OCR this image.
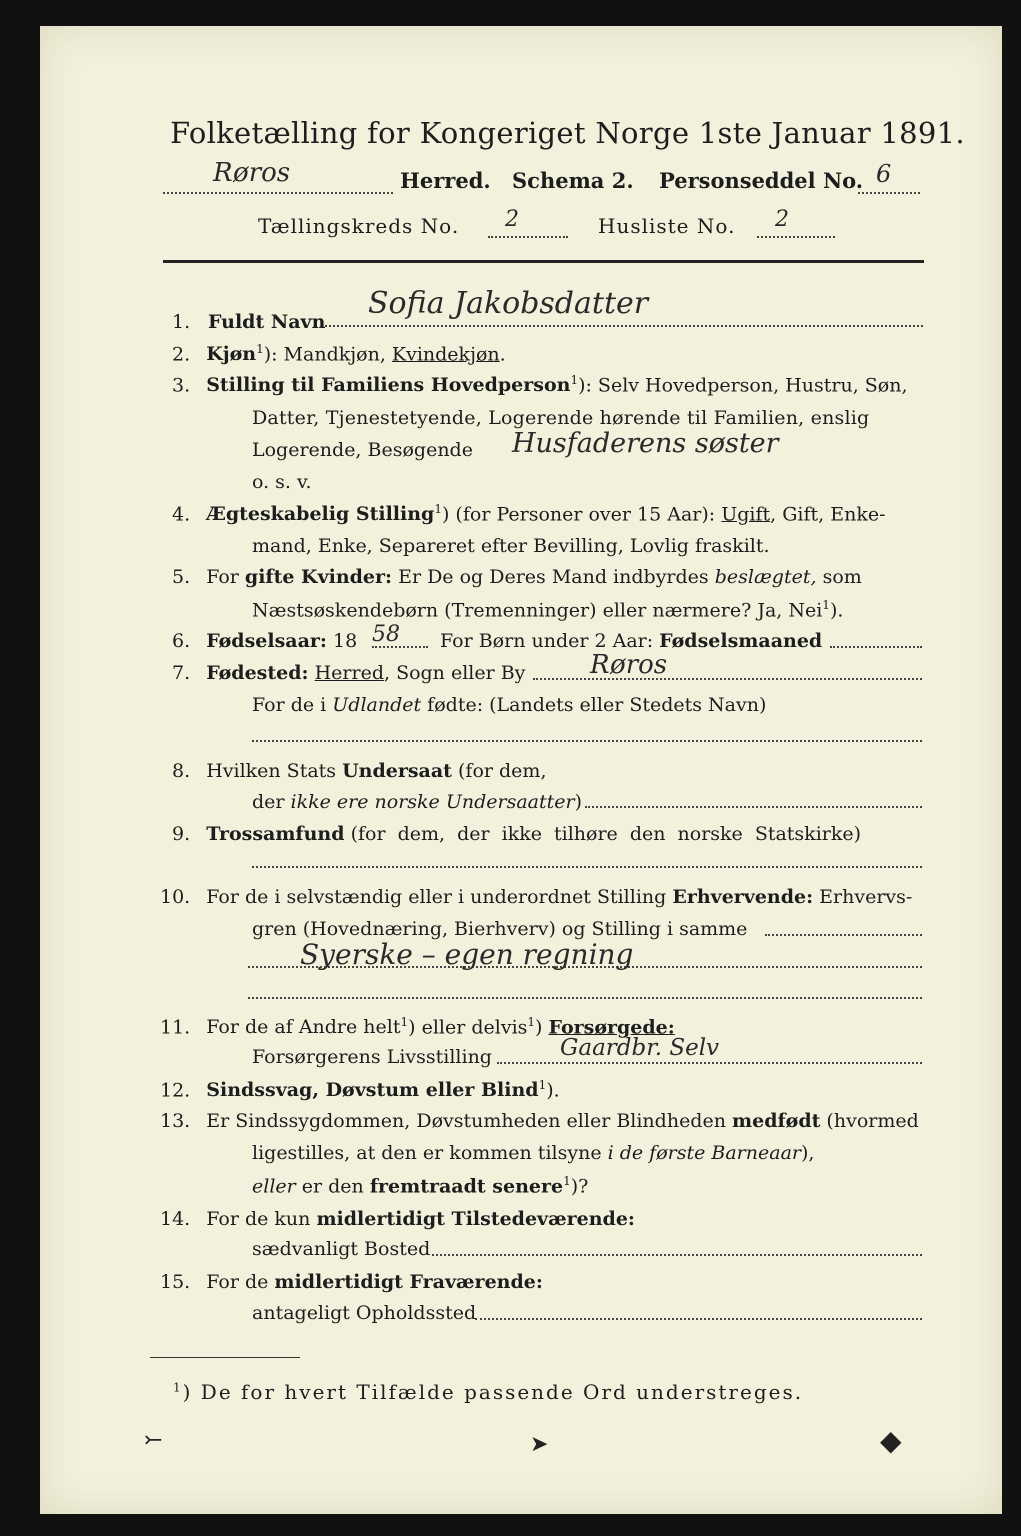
Folketælling for Kongeriget Norge 1ste Januar 1891.
Røros	Herred. Schema 2. Personseddel No. 6
Tællingskreds No. 2	Husliste No. 2
1. Fuldt Navn
Sofia Jakobsdatter
2. Kjøn$^1$): Mandkjøn, Kvindekjøn.
3. Stilling til Familiens Hovedperson$^1$): Selv Hovedperson, Hustru, Søn,
Datter, Tjenestetyende, Logerende hørende til Familien, enslig
Logerende, Besøgende Husfaderens søster
o. s. v.
4. Ægteskabelig Stilling$^1$) (for Personer over 15 Aar): Ugift, Gift, Enke-
mand, Enke, Separeret efter Bevilling, Lovlig fraskilt.
5. For gifte Kvinder: Er De og Deres Mand indbyrdes beslægtet, som
Næstsøskendebørn (Tremenninger) eller nærmere? Ja, Nei$^1$).
6. Fødselsaar: 18 58 For Børn under 2 Aar: Fødselsmaaned
7. Fødested: Herred, Sogn eller By Røros
For de i Udlandet fødte: (Landets eller Stedets Navn)
8. Hvilken Stats Undersaat (for dem,
der ikke ere norske Undersaatter)
9. Trossamfund (for dem, der ikke tilhøre den norske Statskirke)
10. For de i selvstændig eller i underordnet Stilling Erhvervende: Erhvervs-
gren (Hovednæring, Bierhverv) og Stilling i samme
Syerske – egen regning
11. For de af Andre helt$^1$) eller delvis$^1$) Forsørgede:
Forsørgerens Livsstilling	Gaardbr. Selv
12. Sindssvag, Døvstum eller Blind$^1$).
13. Er Sindssygdommen, Døvstumheden eller Blindheden medfødt (hvormed
ligestilles, at den er kommen tilsyne i de første Barneaar),
eller er den fremtraadt senere$^1$)?
14. For de kun midlertidigt Tilstedeværende:
sædvanligt Bosted
15. For de midlertidigt Fraværende:
antageligt Opholdssted
$^1$) De for hvert Tilfælde passende Ord understreges.
⤚	➤	◆
